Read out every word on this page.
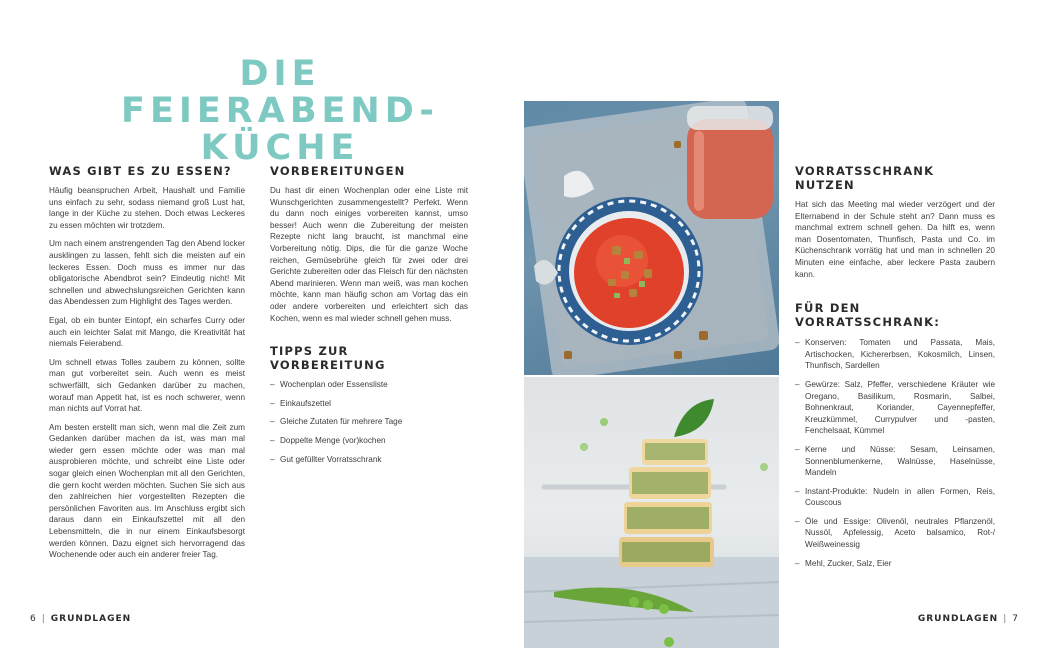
DIE FEIERABEND-
KÜCHE
WAS GIBT ES ZU ESSEN?

Häufig beanspruchen Arbeit, Haushalt und Familie uns einfach zu sehr, sodass niemand groß Lust hat, lange in der Küche zu stehen. Doch etwas Leckeres zu essen möchten wir trotzdem.

Um nach einem anstrengenden Tag den Abend locker ausklingen zu lassen, fehlt sich die meisten auf ein leckeres Essen. Doch muss es immer nur das obligatorische Abendbrot sein? Eindeutig nicht! Mit schnellen und abwechslungsreichen Gerichten kann das Abendessen zum Highlight des Tages werden.

Egal, ob ein bunter Eintopf, ein scharfes Curry oder auch ein leichter Salat mit Mango, die Kreativität hat niemals Feierabend.

Um schnell etwas Tolles zaubern zu können, sollte man gut vorbereitet sein. Auch wenn es meist schwerfällt, sich Gedanken darüber zu machen, worauf man Appetit hat, ist es noch schwerer, wenn man nichts auf Vorrat hat.

Am besten erstellt man sich, wenn mal die Zeit zum Gedanken darüber machen da ist, was man mal wieder gern essen möchte oder was man mal ausprobieren möchte, und schreibt eine Liste oder sogar gleich einen Wochenplan mit all den Gerichten, die gern kocht werden möchten. Suchen Sie sich aus den zahlreichen hier vorgestellten Rezepten die persönlichen Favoriten aus. Im Anschluss ergibt sich daraus dann ein Einkaufszettel mit all den Lebensmitteln, die in nur einem Einkaufsbesorgt werden können. Dazu eignet sich hervorragend das Wochenende oder auch ein anderer freier Tag.

VORBEREITUNGEN

Du hast dir einen Wochenplan oder eine Liste mit Wunschgerichten zusammengestellt? Perfekt. Wenn du dann noch einiges vorbereiten kannst, umso besser! Auch wenn die Zubereitung der meisten Rezepte nicht lang braucht, ist manchmal eine Vorbereitung nötig. Dips, die für die ganze Woche reichen, Gemüsebrühe gleich für zwei oder drei Gerichte zubereiten oder das Fleisch für den nächsten Abend marinieren. Wenn man weiß, was man kochen möchte, kann man häufig schon am Vortag das ein oder andere vorbereiten und erleichtert sich das Kochen, wenn es mal wieder schnell gehen muss.

TIPPS ZUR VORBEREITUNG
– Wochenplan oder Essensliste
– Einkaufszettel
– Gleiche Zutaten für mehrere Tage
– Doppelte Menge (vor)kochen
– Gut gefüllter Vorratsschrank
6 | GRUNDLAGEN
VORRATSSCHRANK NUTZEN

Hat sich das Meeting mal wieder verzögert und der Elternabend in der Schule steht an? Dann muss es manchmal extrem schnell gehen. Da hilft es, wenn man Dosentomaten, Thunfisch, Pasta und Co. im Küchenschrank vorrätig hat und man in schnellen 20 Minuten eine einfache, aber leckere Pasta zaubern kann.

FÜR DEN VORRATSSCHRANK:
– Konserven: Tomaten und Passata, Mais, Artischocken, Kichererbsen, Kokosmilch, Linsen, Thunfisch, Sardellen
– Gewürze: Salz, Pfeffer, verschiedene Kräuter wie Oregano, Basilikum, Rosmarin, Salbei, Bohnenkraut, Koriander, Cayennepfeffer, Kreuzkümmel, Currypulver und -pasten, Fenchelsaat, Kümmel
– Kerne und Nüsse: Sesam, Leinsamen, Sonnenblumenkerne, Walnüsse, Haselnüsse, Mandeln
– Instant-Produkte: Nudeln in allen Formen, Reis, Couscous
– Öle und Essige: Olivenöl, neutrales Pflanzenöl, Nussöl, Apfelessig, Aceto balsamico, Rot-/ Weißweinessig
– Mehl, Zucker, Salz, Eier
GRUNDLAGEN | 7
